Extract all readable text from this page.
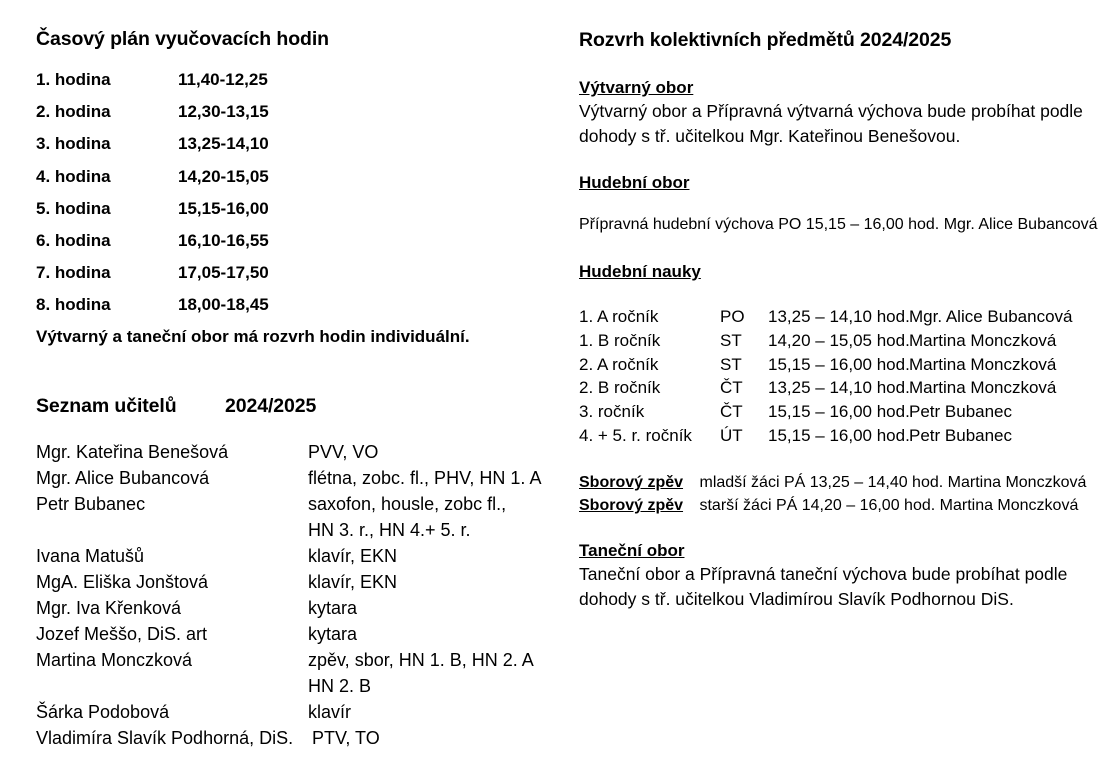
Časový plán vyučovacích hodin
1. hodina	11,40-12,25
2. hodina	12,30-13,15
3. hodina	13,25-14,10
4. hodina	14,20-15,05
5. hodina	15,15-16,00
6. hodina	16,10-16,55
7. hodina	17,05-17,50
8. hodina	18,00-18,45
Výtvarný a taneční obor má rozvrh hodin individuální.
Seznam učitelů 2024/2025
Mgr. Kateřina Benešová	PVV, VO
Mgr. Alice Bubancová	flétna, zobc. fl., PHV, HN 1. A
Petr Bubanec	saxofon, housle, zobc fl.,
HN 3. r., HN 4.+ 5. r.
Ivana Matušů	klavír, EKN
MgA. Eliška Jonštová	klavír, EKN
Mgr. Iva Křenková	kytara
Jozef Meššo, DiS. art	kytara
Martina Monczková	zpěv, sbor, HN 1. B, HN 2. A
HN 2. B
Šárka Podobová	klavír
Vladimíra Slavík Podhorná, DiS. PTV, TO
Rozvrh kolektivních předmětů 2024/2025
Výtvarný obor
Výtvarný obor a Přípravná výtvarná výchova bude probíhat podle
dohody s tř. učitelkou Mgr. Kateřinou Benešovou.
Hudební obor
Přípravná hudební výchova PO 15,15 – 16,00 hod. Mgr. Alice Bubancová
Hudební nauky
1. A ročník	PO 13,25 – 14,10 hod. Mgr. Alice Bubancová
1. B ročník	ST 14,20 – 15,05 hod. Martina Monczková
2. A ročník	ST 15,15 – 16,00 hod. Martina Monczková
2. B ročník	ČT 13,25 – 14,10 hod. Martina Monczková
3. ročník	ČT 15,15 – 16,00 hod. Petr Bubanec
4. + 5. r. ročník ÚT 15,15 – 16,00 hod. Petr Bubanec
Sborový zpěv mladší žáci PÁ 13,25 – 14,40 hod. Martina Monczková
Sborový zpěv starší žáci PÁ 14,20 – 16,00 hod. Martina Monczková
Taneční obor
Taneční obor a Přípravná taneční výchova bude probíhat podle
dohody s tř. učitelkou Vladimírou Slavík Podhornou DiS.
